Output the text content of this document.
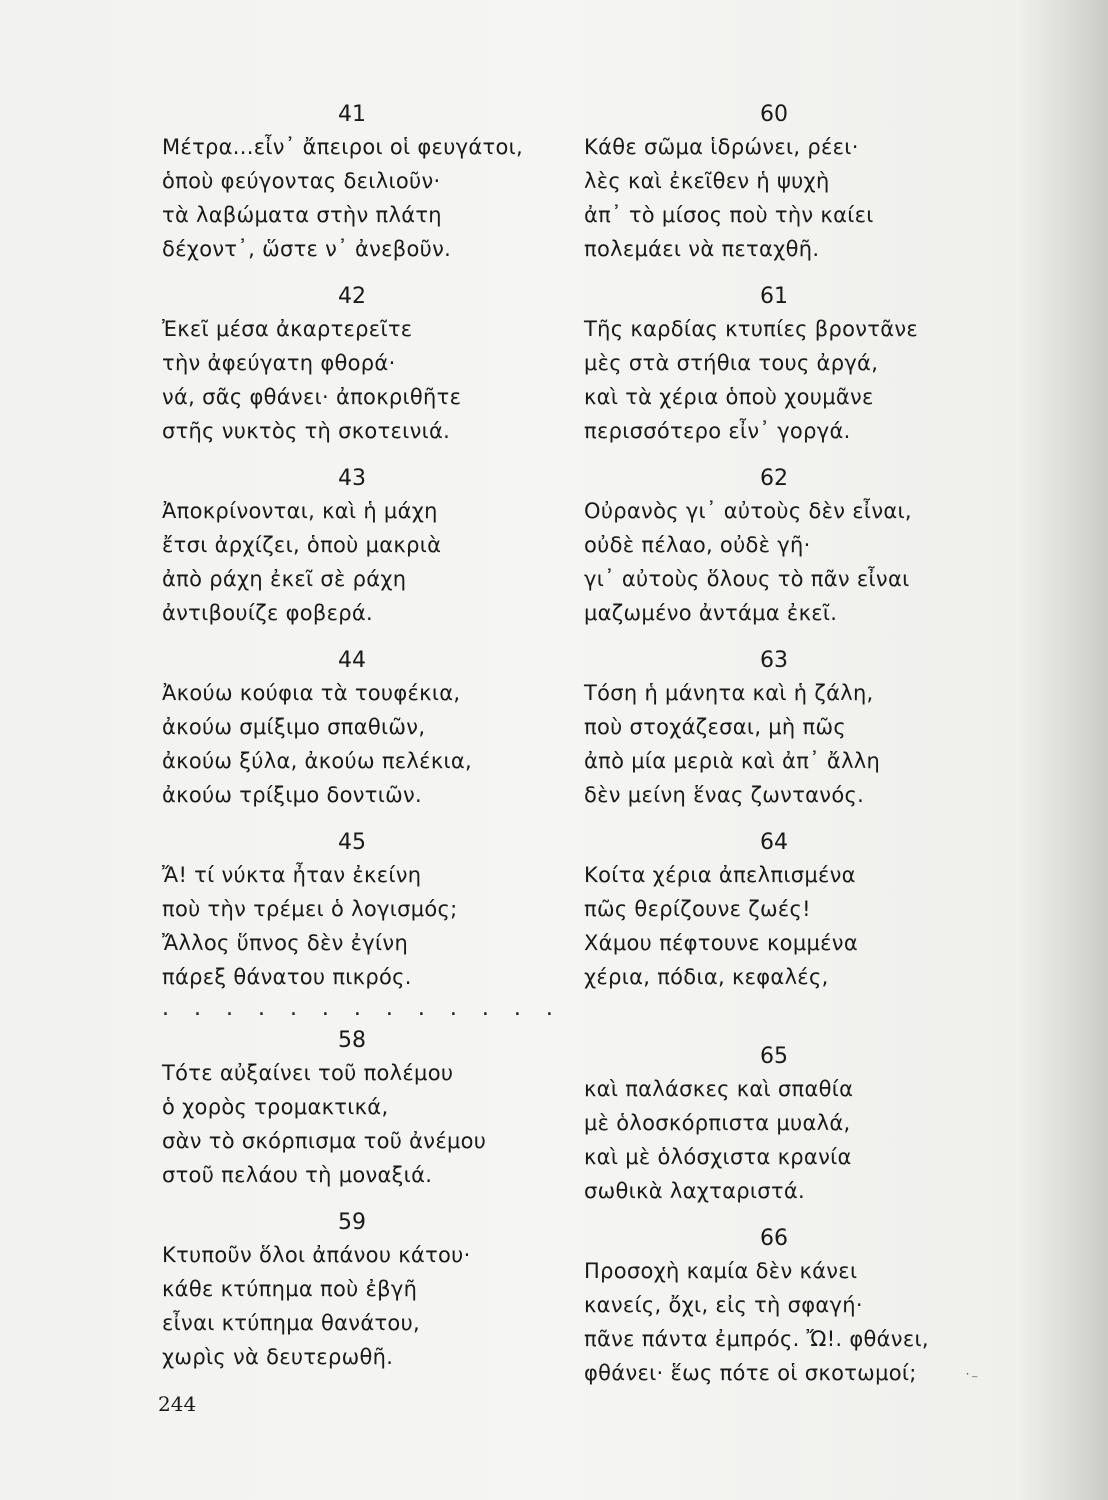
41
Μέτρα...εἶν᾽ ἄπειροι οἱ φευγάτοι,
ὁποὺ φεύγοντας δειλιοῦν·
τὰ λαβώματα στὴν πλάτη
δέχοντ᾽, ὥστε ν᾽ ἀνεβοῦν.
42
Ἐκεῖ μέσα ἀκαρτερεῖτε
τὴν ἀφεύγατη φθορά·
νά, σᾶς φθάνει· ἀποκριθῆτε
στῆς νυκτὸς τὴ σκοτεινιά.
43
Ἀποκρίνονται, καὶ ἡ μάχη
ἔτσι ἀρχίζει, ὁποὺ μακριὰ
ἀπὸ ράχη ἐκεῖ σὲ ράχη
ἀντιβουίζε φοβερά.
44
Ἀκούω κούφια τὰ τουφέκια,
ἀκούω σμίξιμο σπαθιῶν,
ἀκούω ξύλα, ἀκούω πελέκια,
ἀκούω τρίξιμο δοντιῶν.
45
Ἄ! τί νύκτα ἦταν ἐκείνη
ποὺ τὴν τρέμει ὁ λογισμός;
Ἄλλος ὕπνος δὲν ἐγίνη
πάρεξ θάνατου πικρός.
. . . . . . . . . . . . .
58
Τότε αὐξαίνει τοῦ πολέμου
ὁ χορὸς τρομακτικά,
σὰν τὸ σκόρπισμα τοῦ ἀνέμου
στοῦ πελάου τὴ μοναξιά.
59
Κτυποῦν ὅλοι ἀπάνου κάτου·
κάθε κτύπημα ποὺ ἐβγῆ
εἶναι κτύπημα θανάτου,
χωρὶς νὰ δευτερωθῆ.
60
Κάθε σῶμα ἱδρώνει, ρέει·
λὲς καὶ ἐκεῖθεν ἡ ψυχὴ
ἀπ᾽ τὸ μίσος ποὺ τὴν καίει
πολεμάει νὰ πεταχθῆ.
61
Τῆς καρδίας κτυπίες βροντᾶνε
μὲς στὰ στήθια τους ἀργά,
καὶ τὰ χέρια ὁποὺ χουμᾶνε
περισσότερο εἶν᾽ γοργά.
62
Οὐρανὸς γι᾽ αὐτοὺς δὲν εἶναι,
οὐδὲ πέλαο, οὐδὲ γῆ·
γι᾽ αὐτοὺς ὅλους τὸ πᾶν εἶναι
μαζωμένο ἀντάμα ἐκεῖ.
63
Τόση ἡ μάνητα καὶ ἡ ζάλη,
ποὺ στοχάζεσαι, μὴ πῶς
ἀπὸ μία μεριὰ καὶ ἀπ᾽ ἄλλη
δὲν μείνη ἕνας ζωντανός.
64
Κοίτα χέρια ἀπελπισμένα
πῶς θερίζουνε ζωές!
Χάμου πέφτουνε κομμένα
χέρια, πόδια, κεφαλές,
65
καὶ παλάσκες καὶ σπαθία
μὲ ὁλοσκόρπιστα μυαλά,
καὶ μὲ ὁλόσχιστα κρανία
σωθικὰ λαχταριστά.
66
Προσοχὴ καμία δὲν κάνει
κανείς, ὄχι, εἰς τὴ σφαγή·
πᾶνε πάντα ἐμπρός. Ὤ!. φθάνει,
φθάνει· ἕως πότε οἱ σκοτωμοί;
244
˙⁻
